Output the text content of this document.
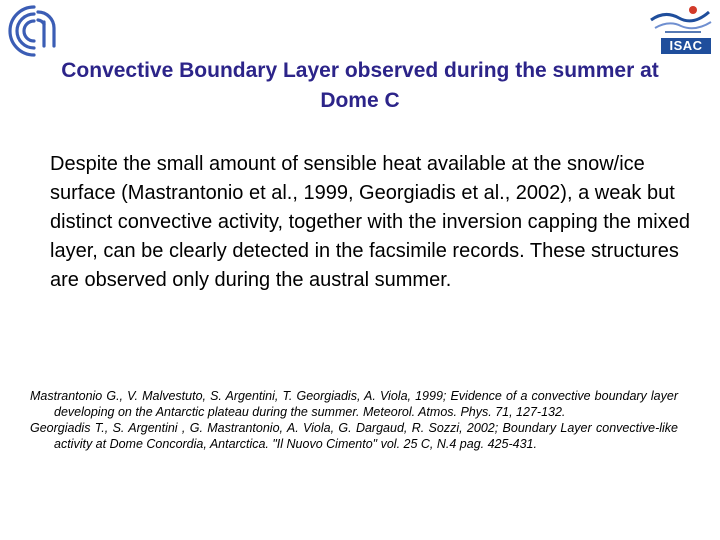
ISAC
Convective Boundary Layer observed during the summer at Dome C

Despite the small amount of sensible heat available at the snow/ice surface (Mastrantonio et al., 1999, Georgiadis et al., 2002), a weak but distinct convective activity, together with the inversion capping the mixed layer, can be clearly detected in the facsimile records. These structures are observed only during the austral summer.

Mastrantonio G., V. Malvestuto, S. Argentini, T. Georgiadis, A. Viola, 1999; Evidence of a convective boundary layer developing on the Antarctic plateau during the summer. Meteorol. Atmos. Phys. 71, 127-132.

Georgiadis T., S. Argentini , G. Mastrantonio, A. Viola, G. Dargaud, R. Sozzi, 2002; Boundary Layer convective-like activity at Dome Concordia, Antarctica. "Il Nuovo Cimento" vol. 25 C, N.4 pag. 425-431.
